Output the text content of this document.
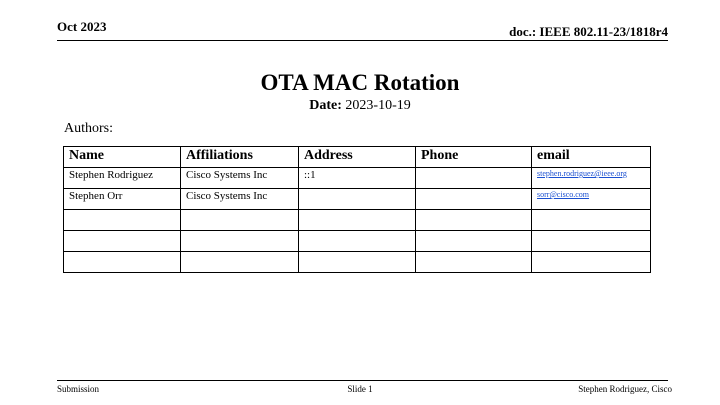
Oct 2023	doc.: IEEE 802.11-23/1818r4
OTA MAC Rotation
Date: 2023-10-19
Authors:
Name	Affiliations	Address	Phone	email
Stephen Rodriguez	Cisco Systems Inc	::1		stephen.rodriguez@ieee.org
Stephen Orr	Cisco Systems Inc			sorr@cisco.com

Submission	Slide 1	Stephen Rodriguez, Cisco
